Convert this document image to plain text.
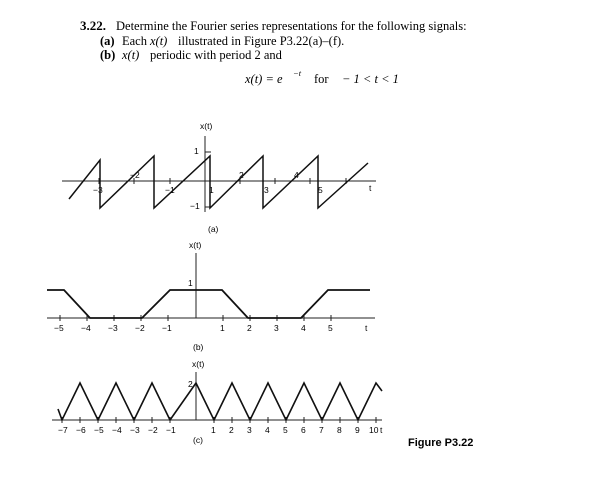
3.22. Determine the Fourier series representations for the following signals:
(a) Each x(t) illustrated in Figure P3.22(a)–(f).
(b) x(t) periodic with period 2 and
x(t) = e −t for − 1 < t < 1
x(t)
t
1
−1
−3
−2
−1	1
2
3
4
5
(a)
x(t)
t
1
−5 −4 −3 −2 −1	1	2	3	4	5
(b)
x(t)
2
−7 −6 −5 −4 −3 −2 −1	1 2 3 4 5 6 7 8 9 10 t
(c)	Figure P3.22
